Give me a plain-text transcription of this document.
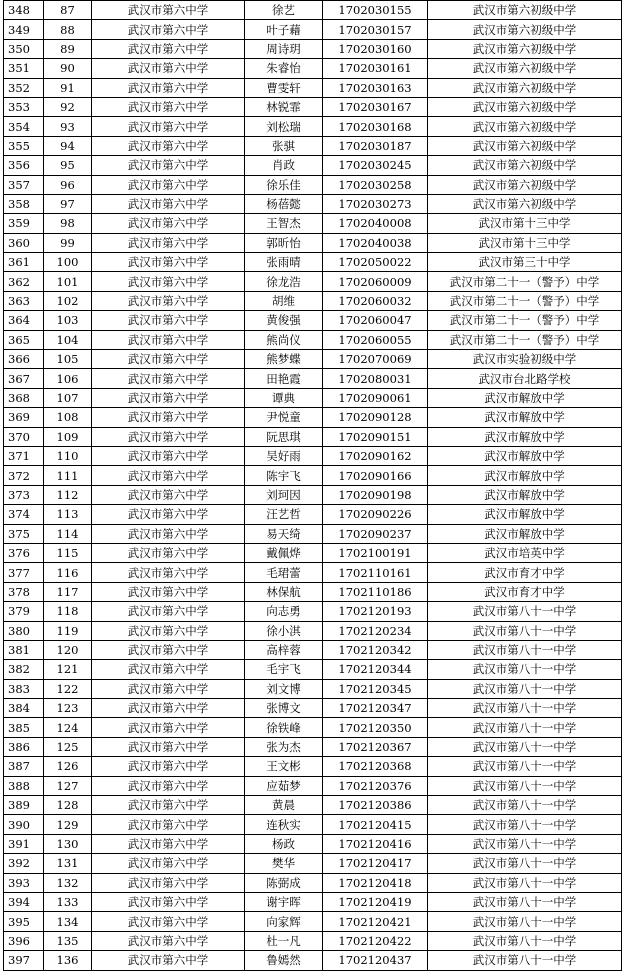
348	87	武汉市第六中学	徐艺	1702030155	武汉市第六初级中学
349	88	武汉市第六中学	叶子藉	1702030157	武汉市第六初级中学
350	89	武汉市第六中学	周诗玥	1702030160	武汉市第六初级中学
351	90	武汉市第六中学	朱睿怡	1702030161	武汉市第六初级中学
352	91	武汉市第六中学	曹雯轩	1702030163	武汉市第六初级中学
353	92	武汉市第六中学	林锐霏	1702030167	武汉市第六初级中学
354	93	武汉市第六中学	刘松瑞	1702030168	武汉市第六初级中学
355	94	武汉市第六中学	张骐	1702030187	武汉市第六初级中学
356	95	武汉市第六中学	肖政	1702030245	武汉市第六初级中学
357	96	武汉市第六中学	徐乐佳	1702030258	武汉市第六初级中学
358	97	武汉市第六中学	杨蓓懿	1702030273	武汉市第六初级中学
359	98	武汉市第六中学	王智杰	1702040008	武汉市第十三中学
360	99	武汉市第六中学	郭昕怡	1702040038	武汉市第十三中学
361	100	武汉市第六中学	张雨晴	1702050022	武汉市第三十中学
362	101	武汉市第六中学	徐龙浩	1702060009	武汉市第二十一（警予）中学
363	102	武汉市第六中学	胡维	1702060032	武汉市第二十一（警予）中学
364	103	武汉市第六中学	黄俊强	1702060047	武汉市第二十一（警予）中学
365	104	武汉市第六中学	熊尚仪	1702060055	武汉市第二十一（警予）中学
366	105	武汉市第六中学	熊梦蝶	1702070069	武汉市实验初级中学
367	106	武汉市第六中学	田艳霞	1702080031	武汉市台北路学校
368	107	武汉市第六中学	谭典	1702090061	武汉市解放中学
369	108	武汉市第六中学	尹悦童	1702090128	武汉市解放中学
370	109	武汉市第六中学	阮思琪	1702090151	武汉市解放中学
371	110	武汉市第六中学	吴好雨	1702090162	武汉市解放中学
372	111	武汉市第六中学	陈宇飞	1702090166	武汉市解放中学
373	112	武汉市第六中学	刘珂因	1702090198	武汉市解放中学
374	113	武汉市第六中学	汪艺哲	1702090226	武汉市解放中学
375	114	武汉市第六中学	易天绮	1702090237	武汉市解放中学
376	115	武汉市第六中学	戴佩烨	1702100191	武汉市培英中学
377	116	武汉市第六中学	毛珺蕾	1702110161	武汉市育才中学
378	117	武汉市第六中学	林保航	1702110186	武汉市育才中学
379	118	武汉市第六中学	向志勇	1702120193	武汉市第八十一中学
380	119	武汉市第六中学	徐小淇	1702120234	武汉市第八十一中学
381	120	武汉市第六中学	高梓蓉	1702120342	武汉市第八十一中学
382	121	武汉市第六中学	毛宇飞	1702120344	武汉市第八十一中学
383	122	武汉市第六中学	刘文博	1702120345	武汉市第八十一中学
384	123	武汉市第六中学	张博文	1702120347	武汉市第八十一中学
385	124	武汉市第六中学	徐铁峰	1702120350	武汉市第八十一中学
386	125	武汉市第六中学	张为杰	1702120367	武汉市第八十一中学
387	126	武汉市第六中学	王文彬	1702120368	武汉市第八十一中学
388	127	武汉市第六中学	应茹梦	1702120376	武汉市第八十一中学
389	128	武汉市第六中学	黄晨	1702120386	武汉市第八十一中学
390	129	武汉市第六中学	连秋实	1702120415	武汉市第八十一中学
391	130	武汉市第六中学	杨政	1702120416	武汉市第八十一中学
392	131	武汉市第六中学	樊华	1702120417	武汉市第八十一中学
393	132	武汉市第六中学	陈弼成	1702120418	武汉市第八十一中学
394	133	武汉市第六中学	谢宇晖	1702120419	武汉市第八十一中学
395	134	武汉市第六中学	向家辉	1702120421	武汉市第八十一中学
396	135	武汉市第六中学	杜一凡	1702120422	武汉市第八十一中学
397	136	武汉市第六中学	鲁嫣然	1702120437	武汉市第八十一中学
